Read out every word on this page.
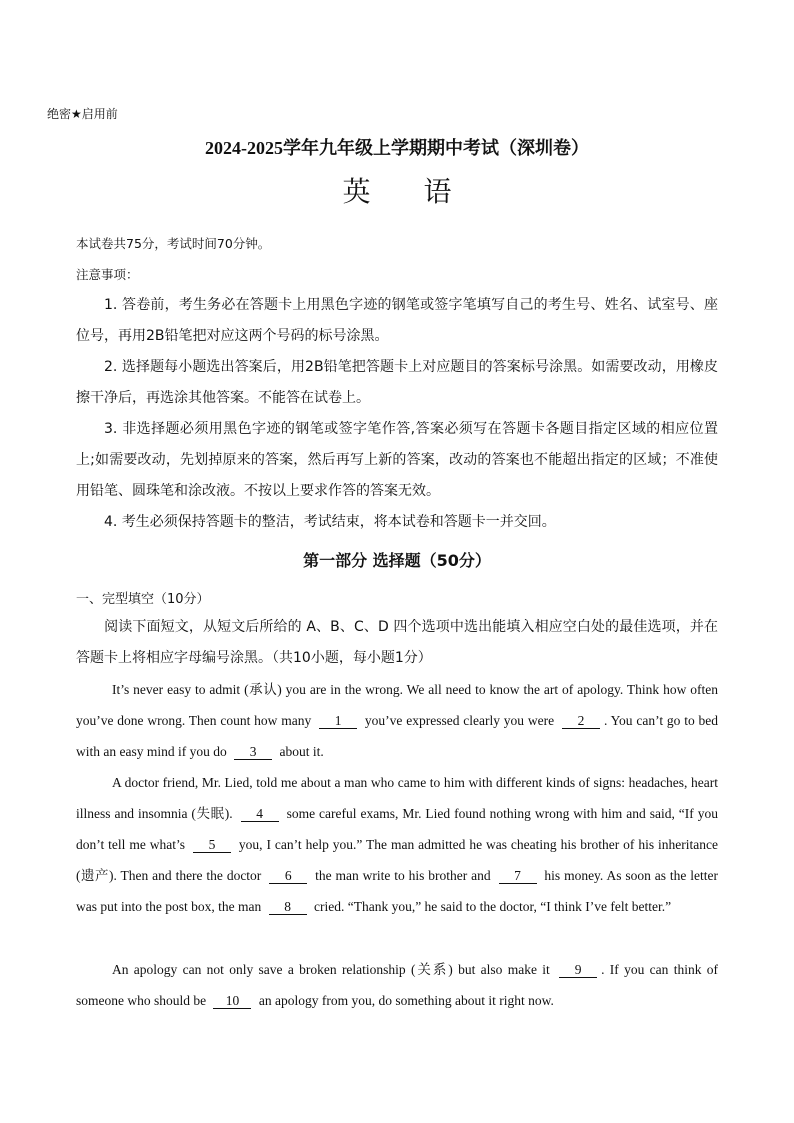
绝密★启用前
2024-2025学年九年级上学期期中考试（深圳卷）
英 语
本试卷共75分，考试时间70分钟。
注意事项：
1. 答卷前，考生务必在答题卡上用黑色字迹的钢笔或签字笔填写自己的考生号、姓名、试室号、座位号，再用2B铅笔把对应这两个号码的标号涂黑。
2. 选择题每小题选出答案后，用2B铅笔把答题卡上对应题目的答案标号涂黑。如需要改动，用橡皮擦干净后，再选涂其他答案。不能答在试卷上。
3. 非选择题必须用黑色字迹的钢笔或签字笔作答,答案必须写在答题卡各题目指定区域的相应位置上;如需要改动，先划掉原来的答案，然后再写上新的答案，改动的答案也不能超出指定的区域；不准使用铅笔、圆珠笔和涂改液。不按以上要求作答的答案无效。
4. 考生必须保持答题卡的整洁，考试结束，将本试卷和答题卡一并交回。
第一部分 选择题（50分）
一、完型填空（10分）
阅读下面短文，从短文后所给的 A、B、C、D 四个选项中选出能填入相应空白处的最佳选项，并在答题卡上将相应字母编号涂黑。（共10小题，每小题1分）
It’s never easy to admit (承认) you are in the wrong. We all need to know the art of apology. Think how often you’ve done wrong. Then count how many 1 you’ve expressed clearly you were 2 . You can’t go to bed with an easy mind if you do 3 about it.
A doctor friend, Mr. Lied, told me about a man who came to him with different kinds of signs: headaches, heart illness and insomnia (失眠). 4 some careful exams, Mr. Lied found nothing wrong with him and said, “If you don’t tell me what’s 5 you, I can’t help you.” The man admitted he was cheating his brother of his inheritance (遗产). Then and there the doctor 6 the man write to his brother and 7 his money. As soon as the letter was put into the post box, the man 8 cried. “Thank you,” he said to the doctor, “I think I’ve felt better.”
An apology can not only save a broken relationship (关系) but also make it 9 . If you can think of someone who should be 10 an apology from you, do something about it right now.
